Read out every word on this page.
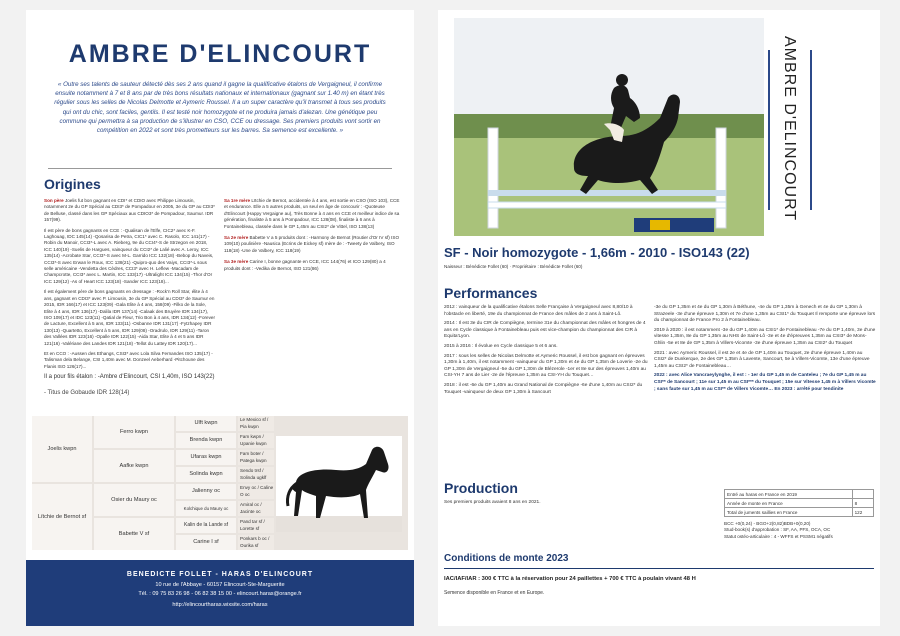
AMBRE D'ELINCOURT
« Outre ses talents de sauteur détecté dès ses 2 ans quand il gagne la qualificative étalons de Vergaigneul, il confirme ensuite notamment à 7 et 8 ans par de très bons résultats nationaux et internationaux (gagnant sur 1.40 m) en étant très régulier sous les selles de Nicolas Delmotte et Aymeric Roussel. Il a un super caractère qu'il transmet à tous ses produits qui ont du chic, sont faciles, gentils. Il est testé noir homozygote et ne produira jamais d'alezan. Une génétique peu commune qui permettra à sa production de s'illustrer en CSO, CCE ou dressage. Ses premiers produits vont sortir en compétition en 2022 et sont très prometteurs sur les barres. Sa semence est excellente. »
Origines

Son père Joelis fut bon gagnant en CDI* et CDIO avec Philippe Limousin, notamment 2e du GP Spécial au CDI3* de Pompadour en 2005, 3e du GP au CDI3* de Belluse, classé dans les GP Spéciaux aux CDIO3* de Pompadour, Saumur. IDR 157(99).

Il est père de bons gagnants en CCE : -Qualisan de l'Elfe, CIC2* avec K-F. Laghouag, IDC 145(14) -Qosarisa de Petra, CIC1* avec C. Rasolo, ICC 141(17) -Robin du Manoir, CCI3*-L avec A. Rieberg, 9e du CCI4*-S de Strzegon en 2018, ICC 140(19) -Suelis de Hargues, vainqueur du CCI2* de Lalié avec A. Leroy, ICC 135(14) -Acrobate Star, CCI3*-S avec M-L. Garrido ICC 132(18) -Bebop du Naveis, CCI3*-S avec Erwan le Roux, ICC 138(21) -Quipro-quo des Vaiys, CCI3*-L sous selle américaine -Vendetta des Cèdres, CCI3* avec H. Leflew -Macadam de Champcrotte, CCI3* avec L. Martin, ICC 133(17) -Ultralight ICC 134(15) -Thor d'Or ICC 129(12) -As of Heart ICC 123(18) -Sander ICC 123(18)...

Il est également père de bons gagnants en dressage : -Rock'n Roll Star, élite à 4 ans, gagnant en CDI3* avec P. Limousin, 3e du GP Spécial au CDI3* de Saumur en 2015, IDR 166(17) et ICC 123(09) -Gala Elite à 4 ans, 158(09) -Filko de la Sole, Elite à 4 ans, IDR 136(17) -Dalila IDR 137(14) -Calaak des Bruyère IDR 134(17), ISO 109(17) et IDC 123(11) -Qatial de Fleur, Trio Bon à 4 ans, IDR 134(12) -Forever de Lacture, Excellent à 5 ans, IDR 133(11) -Osbanne IDR 131(17) -Fytzhapey IDR 130(13) -Quartetto, Excellent à 5 ans, IDR 129(08) -Oradrulo, IDR 129(11) -Taron des Vallées IDR 123(16) -Opalle IDR 122(15) -Aida Star, Elite à 4 et 5 ans IDR 121(16) -Valériane des Landes IDR 121(18) -Tellot du Lattey IDR 120(17)...

Et en CCO : -Aussen des Ethangs, CSI3* avec Lola Silva Fernandes ISO 135(17) -Talisman dela Belange, CSI 1,40m avec M. Donzeel Aeberhard -Pitchoune des Flanis ISO 126(17)...

Sa 1re mère Lïtchie de Bernot, accidentée à 4 ans, est sortie en CSO (ISO 103), CCE et endurance. Elle a 5 autres produits, un seul en âge de concourir : -Quoteuse d'Elincourt (Happy Vergaigne au), Très Bonne à 4 ans en CCE et meilleur indice de sa génération, finaliste à 5 ans à Pompadour, ICC 128(08), finaliste à 6 ans à Fontainebleau, classée dans le GP 1,45m au CSI2* de Vittel, ISO 138(13)

Sa 2e mère Babette V a 5 produits dont : -Harmony de Bernot (Routier d'Or IV sf) ISO 109(10) poulinière -Nausica (Ecrins de Eickey sf) mère de : -Tweety de Valbery, ISO 118(18) -Une de Valbery, ICC 118(19)

Sa 3e mère Carine I, bonne gagnante en CCE, ICC 144(76) et ICO 129(80) a 4 produits dont : -Vedika de Bernot, ISO 121(86)

Il a pour fils étalon : -Ambre d'Elincourt, CSI 1,40m, ISO 143(22)
- Titus de Gobaude IDR 128(14)
Joelis kwpn
Lïtchie de Bernot sf
Ferro kwpn
Aafke kwpn
Osier du Maury oc
Babette V sf
Ulft kwpn
Brenda kwpn
Ufaras kwpn
Solinda kwpn
Jalienny oc
Kolchique du Maury oc
Kalin de la Lande sf
Carine I sf
Le Mexico sf / Pia kwpn
Fam kwpn / Upanie kwpn
Fam boter / Patega kwpn
Sendo trsf / Solinda ugklf
Envy oc / Caline O oc
Amiral oc / Jacinte oc
Pand tar sf / Lorette sf
Ponkars b oc / Ourika sf
BENEDICTE FOLLET - HARAS D'ELINCOURT
10 rue de l'Abbaye - 60157 Elincourt-Ste-Marguerite
Tél. : 09 75 83 26 98 - 06 82 38 15 00 - elincourt.haras@orange.fr
http://elincourtharas.wixsite.com/haras
AMBRE D'ELINCOURT
SF - Noir homozygote - 1,66m - 2010 - ISO143 (22)
Naisseur : Bénédicte Follet (60) · Propriétaire : Bénédicte Follet (60)
Performances

2012 : vainqueur de la qualificative étalons Selle Française à Vergaigneul avec 8,80/10 à l'obstacle en liberté, 19e du championnat de France des mâles de 2 ans à Saint-Lô.

2014 : Il est 3e du CIR de Compiègne, termine 31e du championnat des mâles et hongres de 4 ans en Cycle classique à Fontainebleau puis est vice-champion du championnat des CIR à Equita'Lyon.

2015 à 2016 : Il évolue en Cycle classique 5 et 6 ans.

2017 : sous les selles de Nicolas Delmotte et Aymeric Roussel, il est bon gagnant en épreuves 1,30m à 1,40m, il est notamment -vainqueur du GP 1,30m et 4e du GP 1,35m de Loverie -2e du GP 1,30m de Vergaigneul -5e du GP 1,30m de Blézerole -1er et 8e sur des épreuves 1,40m au CSI-YH 7 ans de Lier -2e de l'épreuve 1,35m au CSI-YH du Touquet…

2018 : il est -6e du GP 1,40m au Grand National de Compiègne -6e d'une 1,40m au CSI2* du Touquet -vainqueur de deux GP 1,30m à Sancourt

-3e du GP 1,35m et 4e du GP 1,30m à Béthune, -4e du GP 1,35m à Genech et 4e du GP 1,30m à Strazeele -3e d'une épreuve 1,30m et 7e d'une 1,35m au CSI1* du Touquet Il remporte une épreuve lors du championnat de France Pro 2 à Fontainebleau.

2019 à 2020 : il est notamment -3e du GP 1,40m au CSI1* de Fontainebleau -7e du GP 1,40m, 3e d'une vitesse 1,35m, 8e du GP 1,35m au NHS de Saint-Lô -3e et 4e d'épreuves 1,35m au CSI3* de Mons-Ghlin -5e et 8e de GP 1,35m à Villers-Vicomte -3e d'une épreuve 1,35m au CSI2* du Touquet

2021 : avec Aymeric Roussel, il est 2e et 4e de GP 1,40m au Touquet, 2e d'une épreuve 1,40m au CSI2* de Dunkerque, 2e des GP 1,35m à Lavente, Sancourt, 5e à Villers-Vicomte, 13e d'une épreuve 1,45m au CSI2* de Fontainebleau…

2022 : avec Alice Vancraeylynghe, il est : - 1er du GP 1,45 m de Canteleu ; 7e du GP 1,45 m au CSI** de Sancourt ; 11e sur 1,45 m au CSI*** du Touquet ; 15e sur Vitesse 1,45 m à Villers Vicomte ; sans faute sur 1,45 m au CSI** de Villers Vicomte… En 2023 : arrêté pour tendinite

Production
Ses premiers produits avaient 8 ans en 2021.
Entré au haras en France en 2019	
Année de monte en France	8
Total de juments saillies en France	122
BCC +0(0,24) - BGO+2(0,82)BDB+0(0,20)
Stud-book(s) d'approbation : SF, AA, PFS, OCA, OC
Statut ostéo-articulaire : 4 - WFFS et PSSM1 négatifs
Conditions de monte 2023
IAC/IAF/IAR : 300 € TTC à la réservation pour 24 paillettes + 700 € TTC à poulain vivant 48 H
Semence disponible en France et en Europe.
